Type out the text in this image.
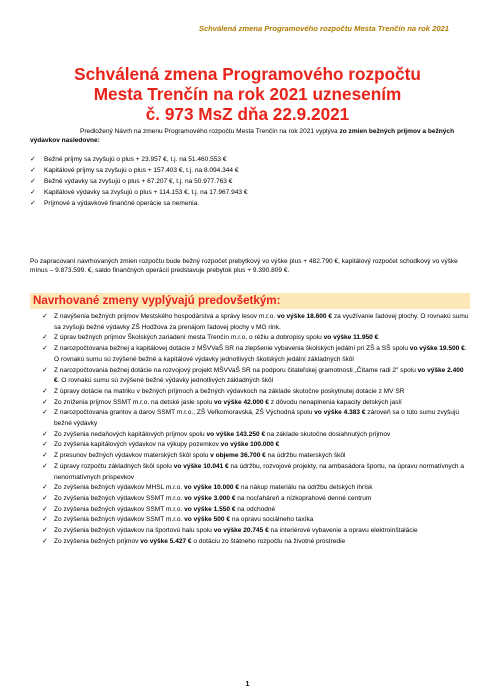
Schválená zmena Programového rozpočtu Mesta Trenčín na rok 2021
Schválená zmena Programového rozpočtu
Mesta Trenčín na rok 2021 uznesením
č. 973 MsZ dňa 22.9.2021
Predložený Návrh na zmenu Programového rozpočtu Mesta Trenčín na rok 2021 vyplýva zo zmien bežných príjmov a bežných výdavkov nasledovne:
✓ Bežné príjmy sa zvyšujú o plus + 23.957 €, t.j. na 51.460.553 €
✓ Kapitálové príjmy sa zvyšujú o plus + 157.403 €, t.j. na 8.094.344 €
✓ Bežné výdavky sa zvyšujú o plus + 67.207 €, t.j. na 50.977.763 €
✓ Kapitálové výdavky sa zvyšujú o plus + 114.153 €, t.j. na 17.967.943 €
✓ Príjmové a výdavkové finančné operácie sa nemenia.
Po zapracovaní navrhovaných zmien rozpočtu bude bežný rozpočet prebytkový vo výške plus + 482.790 €, kapitálový rozpočet schodkový vo výške mínus – 9.873.599. €, saldo finančných operácií predstavuje prebytok plus + 9.390.809 €.
Navrhované zmeny vyplývajú predovšetkým:
✓ Z navýšenia bežných príjmov Mestského hospodárstva a správy lesov m.r.o. vo výške 18.600 € za využívanie ľadovej plochy. O rovnakú sumu sa zvyšujú bežné výdavky ZŠ Hodžova za prenájom ľadovej plochy v MG rink.
✓ Z úprav bežných príjmov Školských zariadení mesta Trenčín m.r.o. o réžiu a dobropisy spolu vo výške 11.950 €
✓ Z narozpočtovania bežnej a kapitálovej dotácie z MŠVVaŠ SR na zlepšenie vybavenia školských jedální pri ZŠ a SŠ spolu vo výške 19.500 €. O rovnakú sumu sú zvýšené bežné a kapitálové výdavky jednotlivých školských jedální základných škôl
✓ Z narozpočtovania bežnej dotácie na rozvojový projekt MŠVVaŠ SR na podporu čitateľskej gramotnosti „Čítame radi 2" spolu vo výške 2.400 €. O rovnakú sumu sú zvýšené bežné výdavky jednotlivých základných škôl
✓ Z úpravy dotácie na matriku v bežných príjmoch a bežných výdavkoch na základe skutočne poskytnutej dotácie z MV SR
✓ Zo zníženia príjmov SSMT m.r.o. na detské jasle spolu vo výške 42.000 € z dôvodu nenaplnenia kapacity detských jaslí
✓ Z narozpočtovania grantov a darov SSMT m.r.o., ZŠ Veľkomoravská, ZŠ Východná spolu vo výške 4.383 € zároveň sa o túto sumu zvyšujú bežné výdavky
✓ Zo zvýšenia nedaňových kapitálových príjmov spolu vo výške 143.250 € na základe skutočne dosiahnutých príjmov
✓ Zo zvýšenia kapitálových výdavkov na výkupy pozemkov vo výške 100.000 €
✓ Z presunov bežných výdavkov materských škôl spolu v objeme 36.700 € na údržbu materských škôl
✓ Z úpravy rozpočtu základných škôl spolu vo výške 10.041 € na údržbu, rozvojové projekty, na ambasádora športu, na úpravu normatívnych a nenormatívnych príspevkov
✓ Zo zvýšenia bežných výdavkov MHSL m.r.o. vo výške 10.000 € na nákup materiálu na údržbu detských ihrísk
✓ Zo zvýšenia bežných výdavkov SSMT m.r.o. vo výške 3.000 € na nocľaháreň a nízkoprahové denné centrum
✓ Zo zvýšenia bežných výdavkov SSMT m.r.o. vo výške 1.550 € na odchodné
✓ Zo zvýšenia bežných výdavkov SSMT m.r.o. vo výške 500 € na opravu sociálneho taxíka
✓ Zo zvýšenia bežných výdavkov na športovú halu spolu vo výške 20.745 € na interiérové vybavenie a opravu elektroinštalácie
✓ Zo zvýšenia bežných príjmov vo výške 5.427 € o dotáciu zo štátneho rozpočtu na životné prostredie
1
